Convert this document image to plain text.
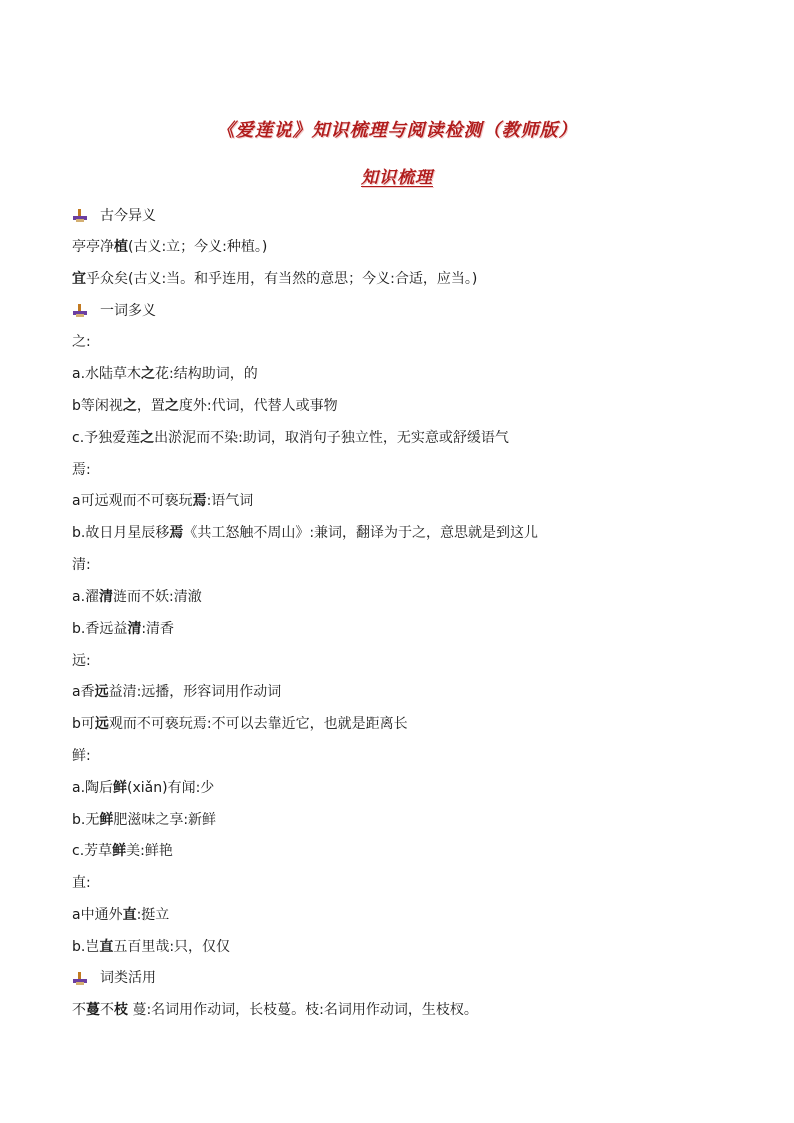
《爱莲说》知识梳理与阅读检测（教师版）
知识梳理
古今异义
亭亭净植(古义:立；今义:种植。)
宜乎众矣(古义:当。和乎连用，有当然的意思；今义:合适，应当。)
一词多义
之:
a.水陆草木之花:结构助词，的
b等闲视之，置之度外:代词，代替人或事物
c.予独爱莲之出淤泥而不染:助词，取消句子独立性，无实意或舒缓语气
焉:
a可远观而不可亵玩焉:语气词
b.故日月星辰移焉《共工怒触不周山》:兼词，翻译为于之，意思就是到这儿
清:
a.濯清涟而不妖:清澈
b.香远益清:清香
远:
a香远益清:远播，形容词用作动词
b可远观而不可亵玩焉:不可以去靠近它，也就是距离长
鲜:
a.陶后鲜(xiǎn)有闻:少
b.无鲜肥滋味之享:新鲜
c.芳草鲜美:鲜艳
直:
a中通外直:挺立
b.岂直五百里哉:只，仅仅
词类活用
不蔓不枝 蔓:名词用作动词，长枝蔓。枝:名词用作动词，生枝杈。
